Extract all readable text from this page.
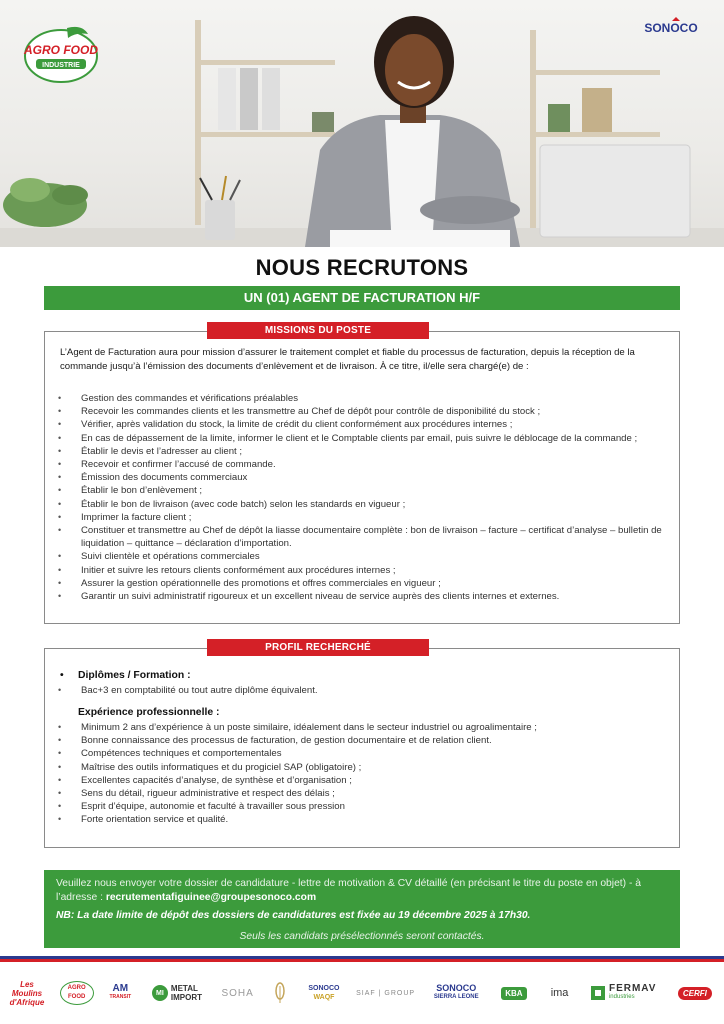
AGRO FOOD
INDUSTRIE
SONOCO
NOUS RECRUTONS
UN (01) AGENT DE FACTURATION H/F
MISSIONS DU POSTE
L’Agent de Facturation aura pour mission d’assurer le traitement complet et fiable du processus de facturation, depuis la réception de la commande jusqu’à l’émission des documents d’enlèvement et de livraison. À ce titre, il/elle sera chargé(e) de :
• Gestion des commandes et vérifications préalables
• Recevoir les commandes clients et les transmettre au Chef de dépôt pour contrôle de disponibilité du stock ;
• Vérifier, après validation du stock, la limite de crédit du client conformément aux procédures internes ;
• En cas de dépassement de la limite, informer le client et le Comptable clients par email, puis suivre le déblocage de la commande ;
• Établir le devis et l’adresser au client ;
• Recevoir et confirmer l’accusé de commande.
• Émission des documents commerciaux
• Établir le bon d’enlèvement ;
• Établir le bon de livraison (avec code batch) selon les standards en vigueur ;
• Imprimer la facture client ;
• Constituer et transmettre au Chef de dépôt la liasse documentaire complète : bon de livraison – facture – certificat d’analyse – bulletin de liquidation – quittance – déclaration d’importation.
• Suivi clientèle et opérations commerciales
• Initier et suivre les retours clients conformément aux procédures internes ;
• Assurer la gestion opérationnelle des promotions et offres commerciales en vigueur ;
• Garantir un suivi administratif rigoureux et un excellent niveau de service auprès des clients internes et externes.
PROFIL RECHERCHÉ
• Diplômes / Formation :
• Bac+3 en comptabilité ou tout autre diplôme équivalent.
Expérience professionnelle :
• Minimum 2 ans d’expérience à un poste similaire, idéalement dans le secteur industriel ou agroalimentaire ;
• Bonne connaissance des processus de facturation, de gestion documentaire et de relation client.
• Compétences techniques et comportementales
• Maîtrise des outils informatiques et du progiciel SAP (obligatoire) ;
• Excellentes capacités d’analyse, de synthèse et d’organisation ;
• Sens du détail, rigueur administrative et respect des délais ;
• Esprit d’équipe, autonomie et faculté à travailler sous pression
• Forte orientation service et qualité.
Veuillez nous envoyer votre dossier de candidature - lettre de motivation & CV détaillé (en précisant le titre du poste en objet) - à l’adresse : recrutementafiguinee@groupesonoco.com
NB: La date limite de dépôt des dossiers de candidatures est fixée au 19 décembre 2025 à 17h30.
Seuls les candidats présélectionnés seront contactés.
Les Moulins
d'Afrique
AGRO FOOD
AM
TRANSIT
MI METAL
IMPORT SOHA	SONOCO
WAQF
SIAF | GROUP SONOCO
SIERRA LEONE	KBA	ima	FERMAV
industries	CERFI
